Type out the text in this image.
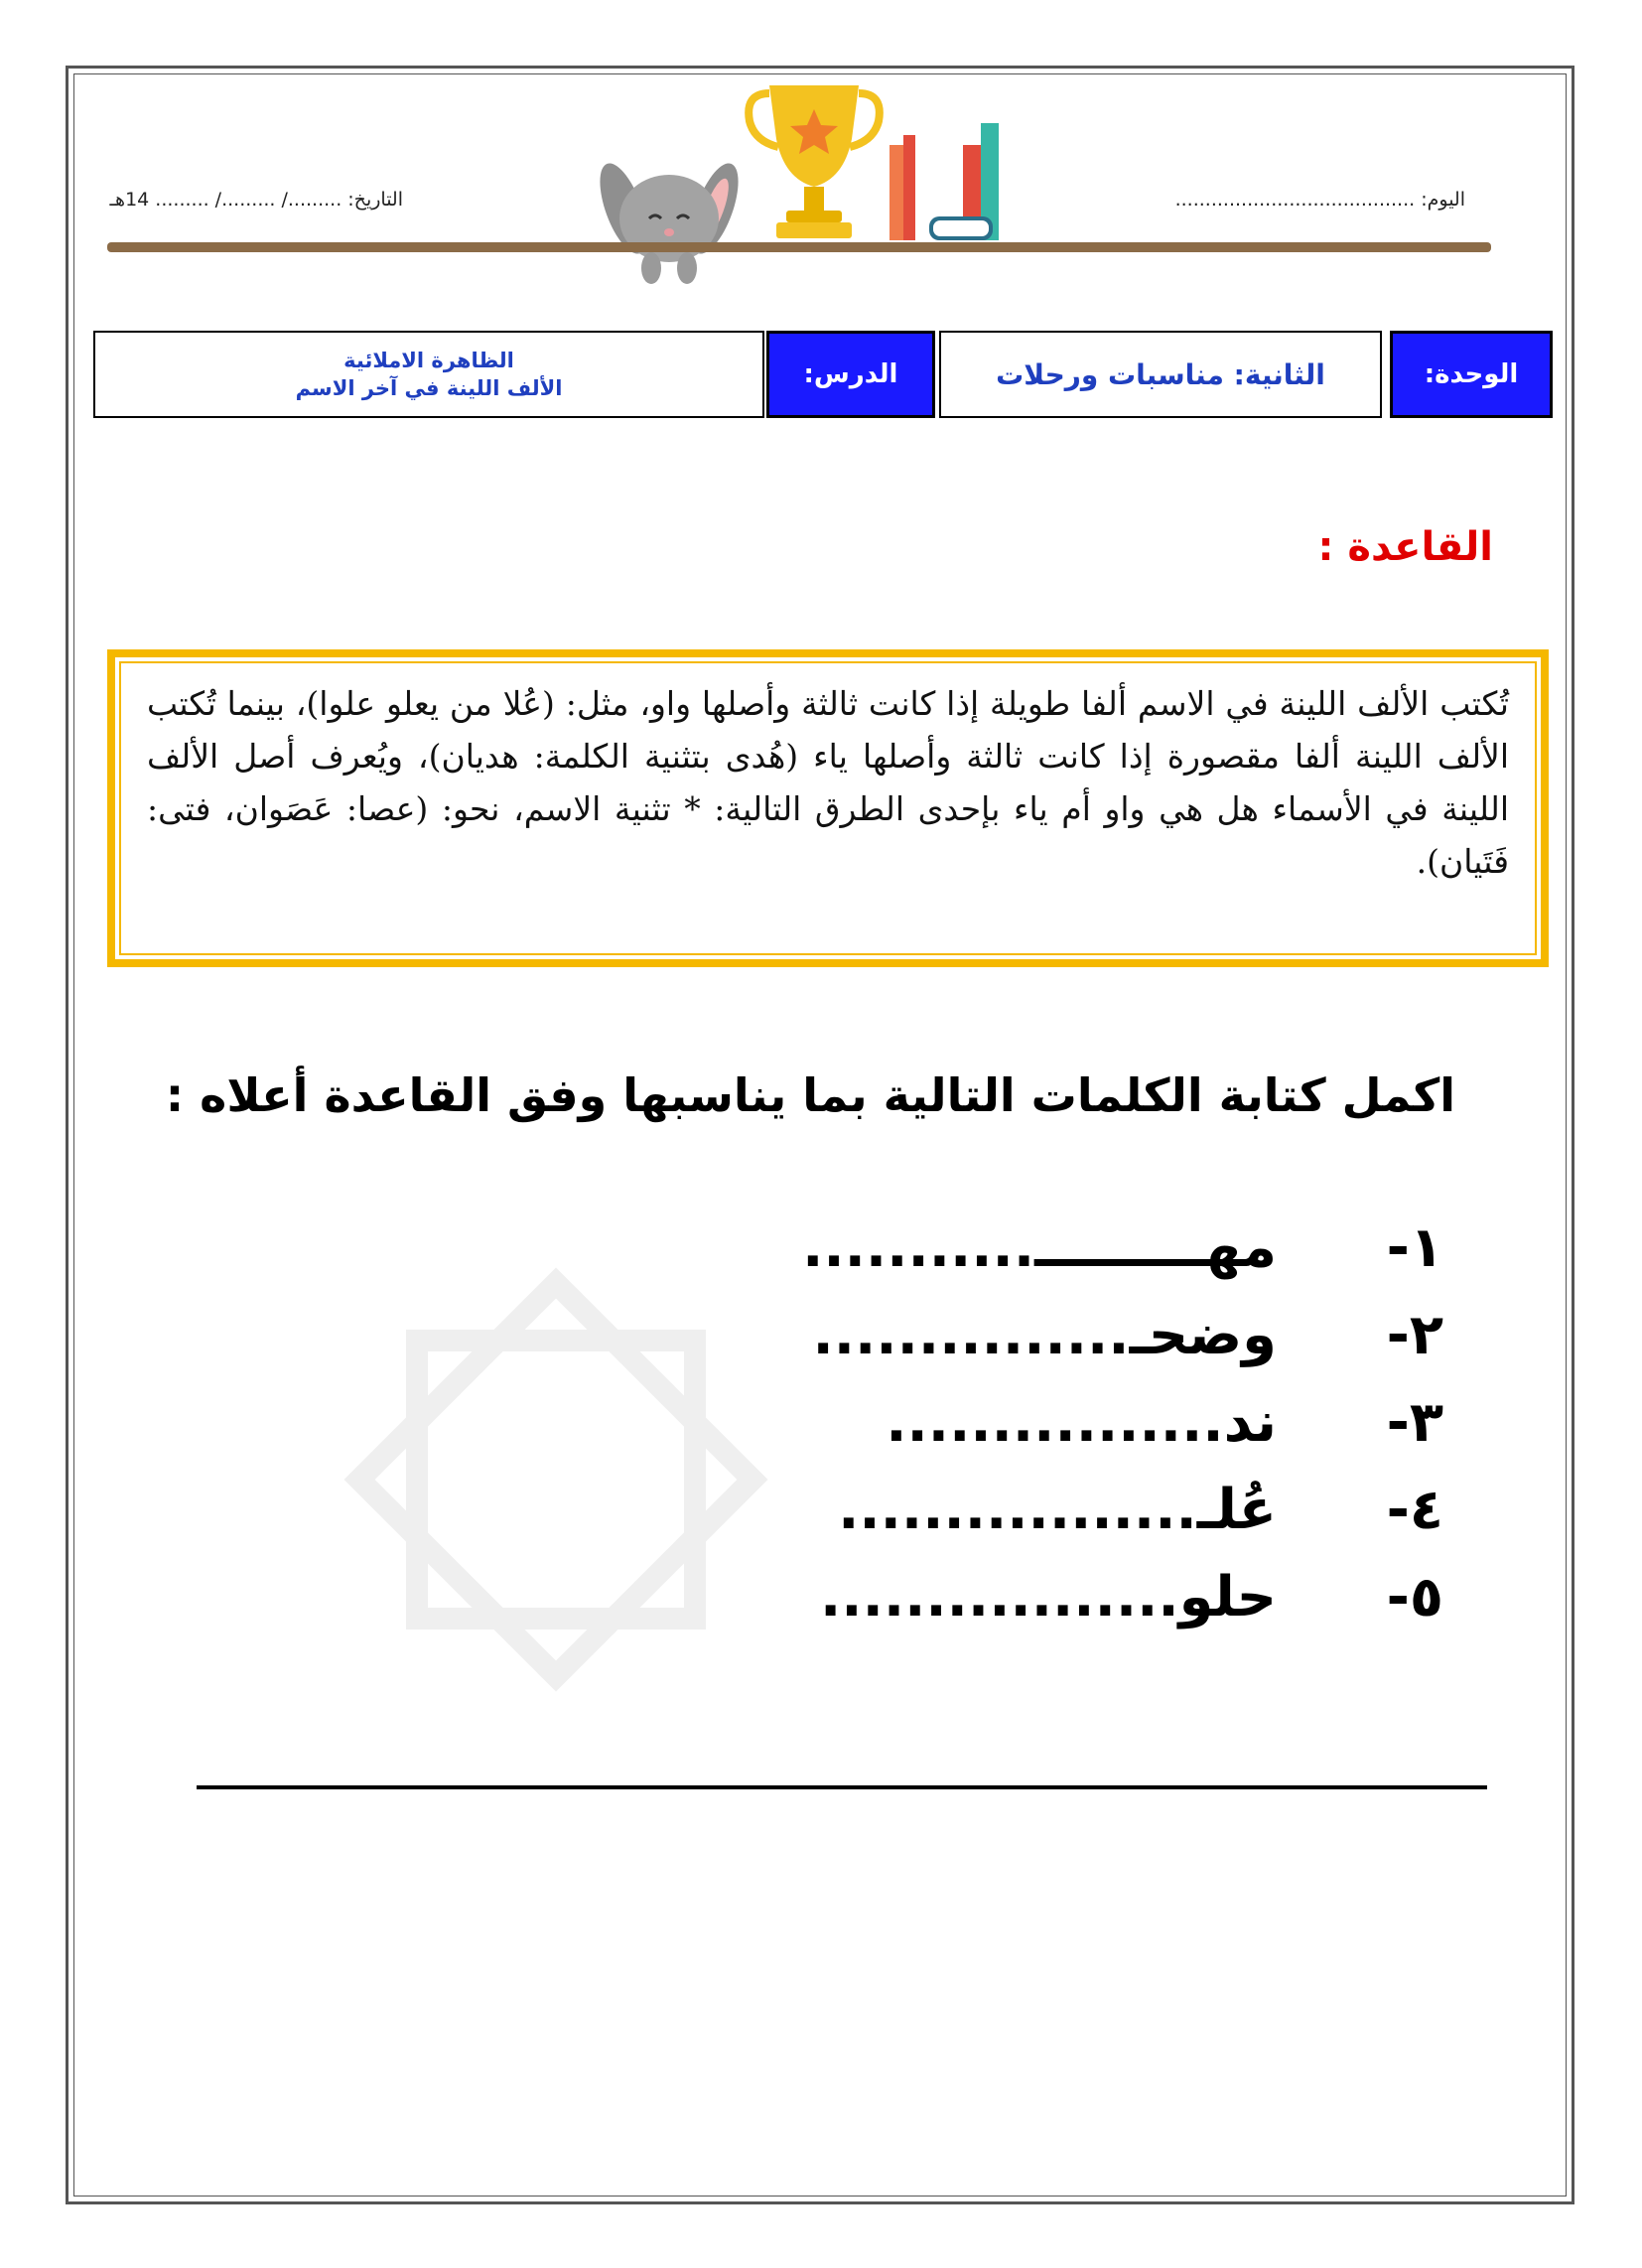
اليوم: ........................................
التاريخ: ........./ ........./ ......... 14هـ
الوحدة:
الثانية: مناسبات ورحلات
الدرس:
الظاهرة الاملائية
الألف اللينة في آخر الاسم
القاعدة :

تُكتب الألف اللينة في الاسم ألفا طويلة إذا كانت ثالثة وأصلها واو، مثل: (عُلا من يعلو علوا)، بينما تُكتب الألف اللينة ألفا مقصورة إذا كانت ثالثة وأصلها ياء (هُدى بتثنية الكلمة: هديان)، ويُعرف أصل الألف اللينة في الأسماء هل هي واو أم ياء بإحدى الطرق التالية: * تثنية الاسم، نحو: (عصا: عَصَوان، فتى: فَتَيان).

اكمل كتابة الكلمات التالية بما يناسبها وفق القاعدة أعلاه :
١-
مهـــــــــ...........
٢-
وضحـ...............
٣-
ند................
٤-
عُلـ.................
٥-
حلو.................
